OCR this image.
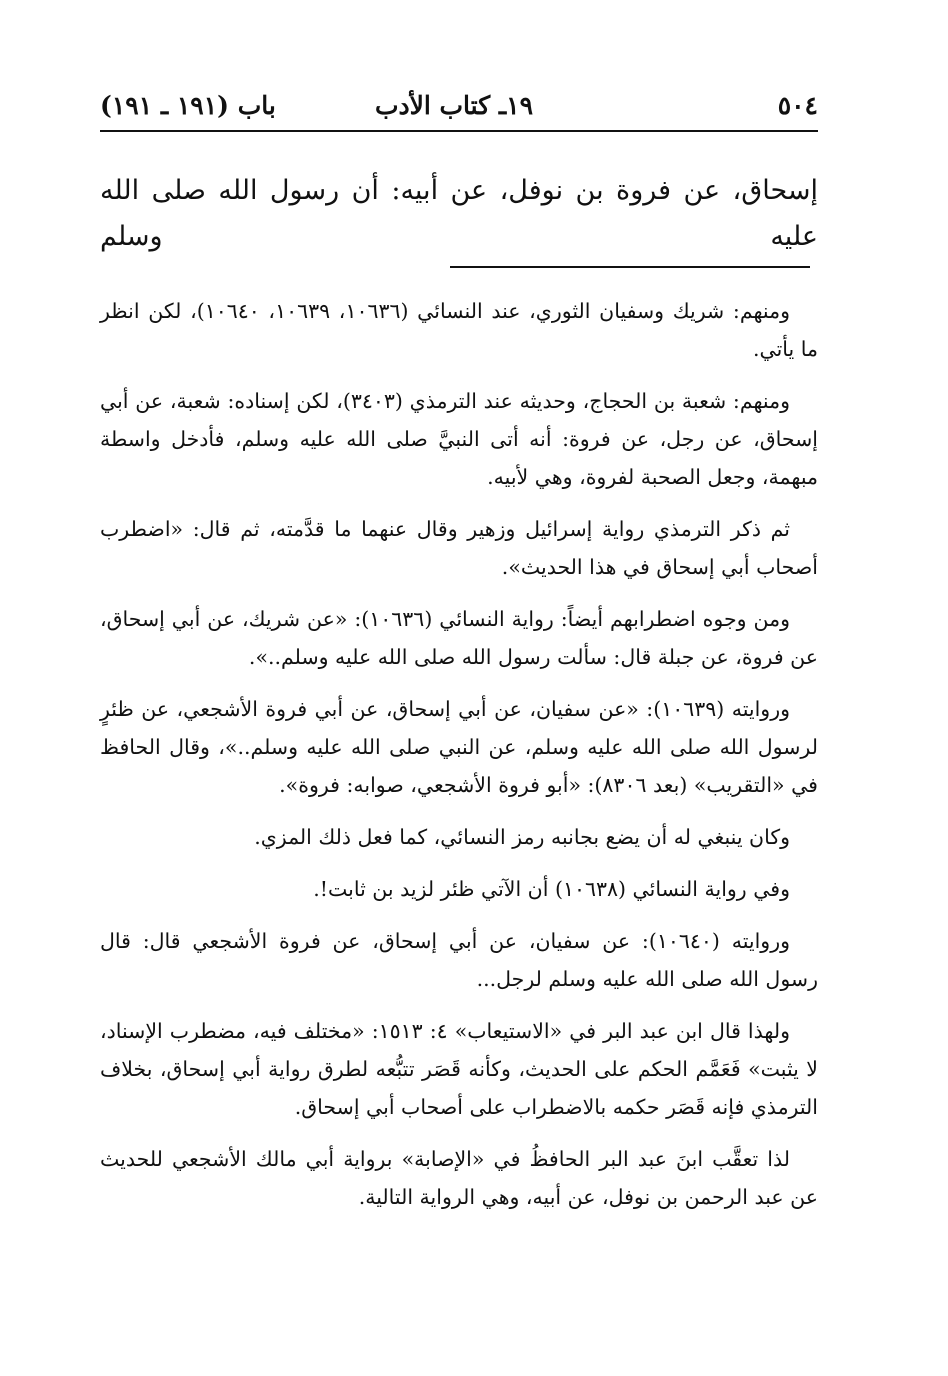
٥٠٤
١٩ـ كتاب الأدب
باب (١٩١ ـ ١٩١)
إسحاق، عن فروة بن نوفل، عن أبيه: أن رسول الله صلى الله عليه وسلم

ومنهم: شريك وسفيان الثوري، عند النسائي (١٠٦٣٦، ١٠٦٣٩، ١٠٦٤٠)، لكن انظر ما يأتي.

ومنهم: شعبة بن الحجاج، وحديثه عند الترمذي (٣٤٠٣)، لكن إسناده: شعبة، عن أبي إسحاق، عن رجل، عن فروة: أنه أتى النبيَّ صلى الله عليه وسلم، فأدخل واسطة مبهمة، وجعل الصحبة لفروة، وهي لأبيه.

ثم ذكر الترمذي رواية إسرائيل وزهير وقال عنهما ما قدَّمته، ثم قال: «اضطرب أصحاب أبي إسحاق في هذا الحديث».

ومن وجوه اضطرابهم أيضاً: رواية النسائي (١٠٦٣٦): «عن شريك، عن أبي إسحاق، عن فروة، عن جبلة قال: سألت رسول الله صلى الله عليه وسلم..».

وروايته (١٠٦٣٩): «عن سفيان، عن أبي إسحاق، عن أبي فروة الأشجعي، عن ظئرٍ لرسول الله صلى الله عليه وسلم، عن النبي صلى الله عليه وسلم..»، وقال الحافظ في «التقريب» (بعد ٨٣٠٦): «أبو فروة الأشجعي، صوابه: فروة».

وكان ينبغي له أن يضع بجانبه رمز النسائي، كما فعل ذلك المزي.

وفي رواية النسائي (١٠٦٣٨) أن الآتي ظئر لزيد بن ثابت!.

وروايته (١٠٦٤٠): عن سفيان، عن أبي إسحاق، عن فروة الأشجعي قال: قال رسول الله صلى الله عليه وسلم لرجل...

ولهذا قال ابن عبد البر في «الاستيعاب» ٤: ١٥١٣: «مختلف فيه، مضطرب الإسناد، لا يثبت» فَعَمَّم الحكم على الحديث، وكأنه قَصَر تتبُّعه لطرق رواية أبي إسحاق، بخلاف الترمذي فإنه قَصَر حكمه بالاضطراب على أصحاب أبي إسحاق.

لذا تعقَّب ابنَ عبد البر الحافظُ في «الإصابة» برواية أبي مالك الأشجعي للحديث عن عبد الرحمن بن نوفل، عن أبيه، وهي الرواية التالية.
